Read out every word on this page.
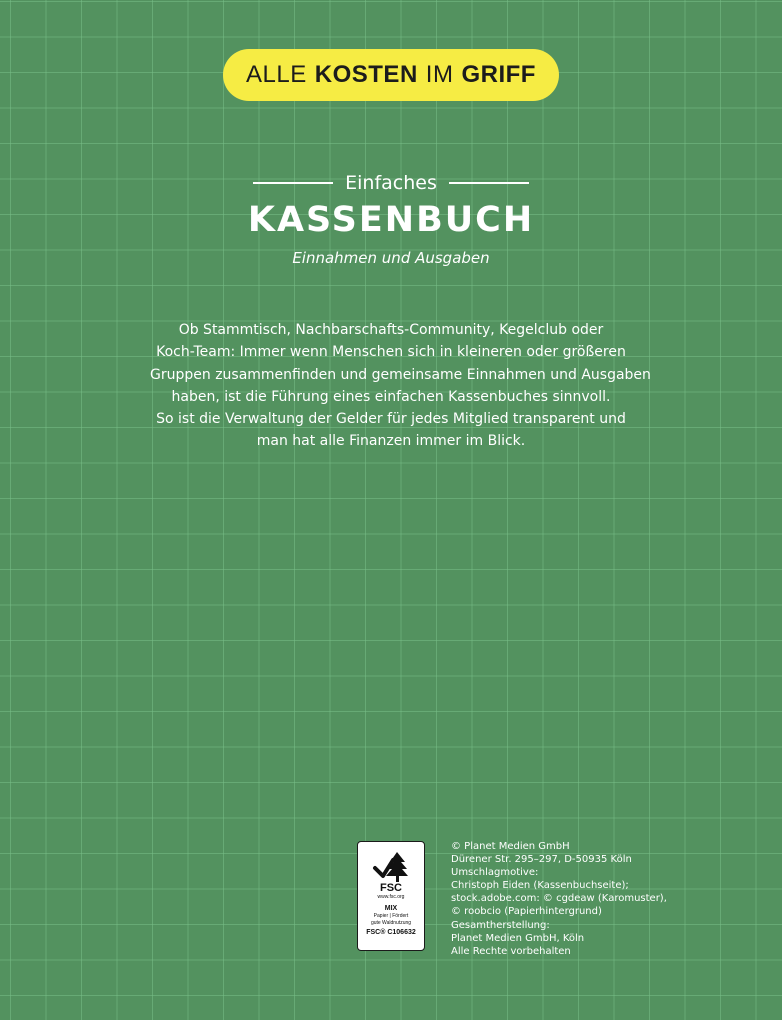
ALLE KOSTEN IM GRIFF
Einfaches
KASSENBUCH
Einnahmen und Ausgaben
Ob Stammtisch, Nachbarschafts-Community, Kegelclub oder
Koch-Team: Immer wenn Menschen sich in kleineren oder größeren
Gruppen zusammenfinden und gemeinsame Einnahmen und Ausgaben
haben, ist die Führung eines einfachen Kassenbuches sinnvoll.
So ist die Verwaltung der Gelder für jedes Mitglied transparent und
man hat alle Finanzen immer im Blick.
FSC
www.fsc.org
MIX
Papier | Fördert
gute Waldnutzung
FSC® C106632
© Planet Medien GmbH
Dürener Str. 295–297, D-50935 Köln
Umschlagmotive:
Christoph Eiden (Kassenbuchseite);
stock.adobe.com: © cgdeaw (Karomuster),
© roobcio (Papierhintergrund)
Gesamtherstellung:
Planet Medien GmbH, Köln
Alle Rechte vorbehalten
